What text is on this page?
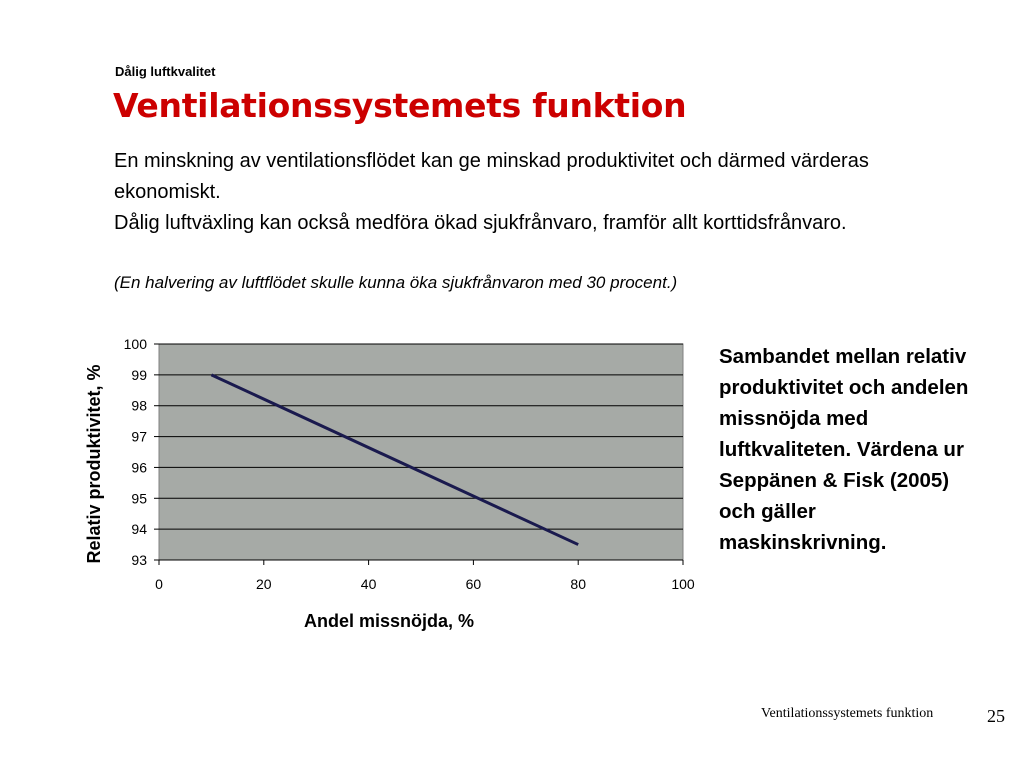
Dålig luftkvalitet
Ventilationssystemets funktion

En minskning av ventilationsflödet kan ge minskad produktivitet och därmed värderas ekonomiskt.

Dålig luftväxling kan också medföra ökad sjukfrånvaro, framför allt korttidsfrånvaro.

(En halvering av luftflödet skulle kunna öka sjukfrånvaron med 30 procent.)
93
94
95
96
97
98
99
100
0	20	40	60	80	100
Andel missnöjda, %
Relativ produktivitet, %
Sambandet mellan relativ produktivitet och andelen missnöjda med luftkvaliteten. Värdena ur Seppänen & Fisk (2005) och gäller maskinskrivning.
Ventilationssystemets funktion	25
